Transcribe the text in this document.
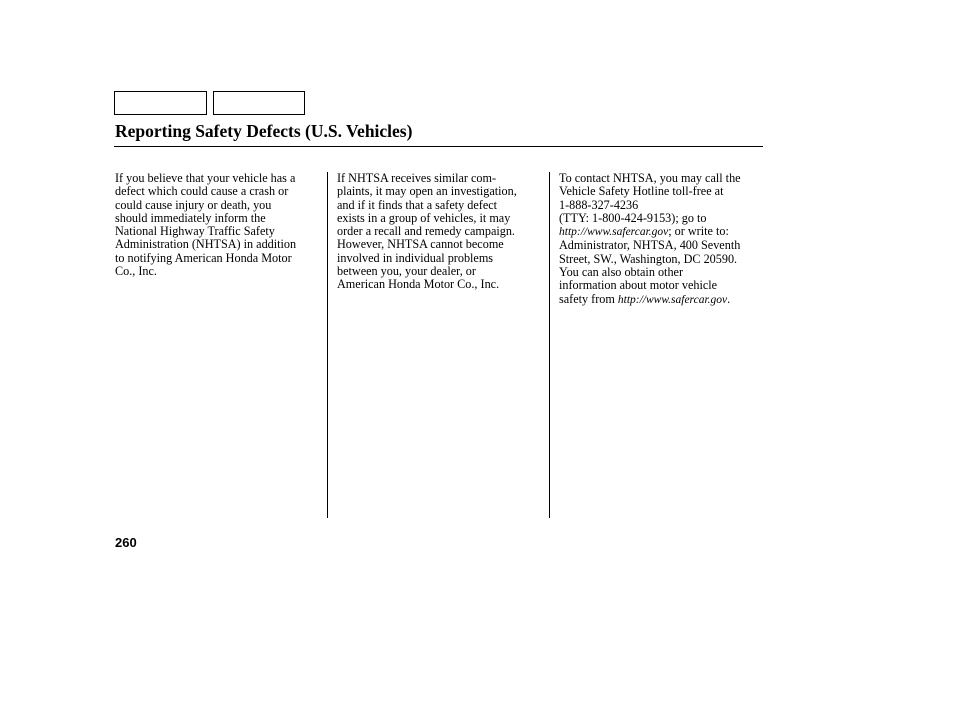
Reporting Safety Defects (U.S. Vehicles)
If you believe that your vehicle has a
defect which could cause a crash or
could cause injury or death, you
should immediately inform the
National Highway Traffic Safety
Administration (NHTSA) in addition
to notifying American Honda Motor
Co., Inc.
If NHTSA receives similar com-
plaints, it may open an investigation,
and if it finds that a safety defect
exists in a group of vehicles, it may
order a recall and remedy campaign.
However, NHTSA cannot become
involved in individual problems
between you, your dealer, or
American Honda Motor Co., Inc.
To contact NHTSA, you may call the
Vehicle Safety Hotline toll-free at
1-888-327-4236
(TTY: 1-800-424-9153); go to
http://www.safercar.gov; or write to:
Administrator, NHTSA, 400 Seventh
Street, SW., Washington, DC 20590.
You can also obtain other
information about motor vehicle
safety from http://www.safercar.gov.
260
